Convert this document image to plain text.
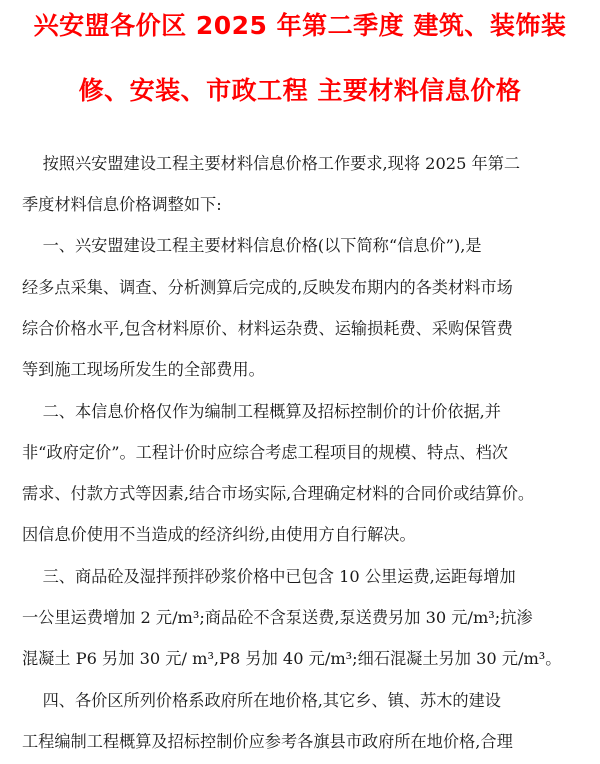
兴安盟各价区 2025 年第二季度 建筑、装饰装
修、安装、市政工程 主要材料信息价格
按照兴安盟建设工程主要材料信息价格工作要求,现将 2025 年第二
季度材料信息价格调整如下:
一、兴安盟建设工程主要材料信息价格(以下简称“信息价”),是
经多点采集、调查、分析测算后完成的,反映发布期内的各类材料市场
综合价格水平,包含材料原价、材料运杂费、运输损耗费、采购保管费
等到施工现场所发生的全部费用。
二、本信息价格仅作为编制工程概算及招标控制价的计价依据,并
非“政府定价”。工程计价时应综合考虑工程项目的规模、特点、档次
需求、付款方式等因素,结合市场实际,合理确定材料的合同价或结算价。
因信息价使用不当造成的经济纠纷,由使用方自行解决。
三、商品砼及湿拌预拌砂浆价格中已包含 10 公里运费,运距每增加
一公里运费增加 2 元/m³;商品砼不含泵送费,泵送费另加 30 元/m³;抗渗
混凝土 P6 另加 30 元/ m³,P8 另加 40 元/m³;细石混凝土另加 30 元/m³。
四、各价区所列价格系政府所在地价格,其它乡、镇、苏木的建设
工程编制工程概算及招标控制价应参考各旗县市政府所在地价格,合理
